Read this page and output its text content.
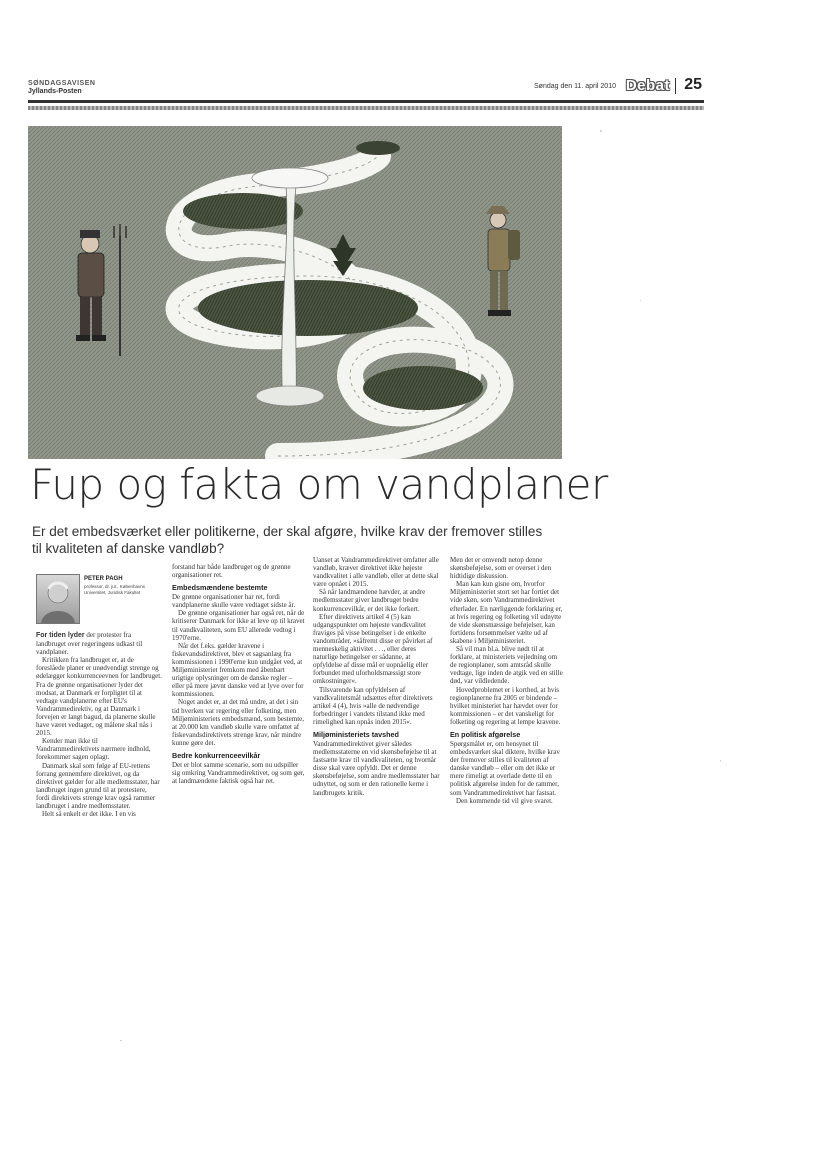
SØNDAGSAVISEN
Jyllands-Posten
Søndag den 11. april 2010 Debat 25
Fup og fakta om vandplaner
Er det embedsværket eller politikerne, der skal afgøre, hvilke krav der fremover stilles til kvaliteten af danske vandløb?
PETER PAGH
professor, dr. jur., Københavns Universitet, Juridisk Fakultet

For tiden lyder der protester fra landbruget over regeringens udkast til vandplaner.

Kritikken fra landbruget er, at de foreslåede planer er unødvendigt strenge og ødelægger konkurrenceevnen for landbruget. Fra de grønne organisationer lyder det modsat, at Danmark er forpligtet til at vedtage vandplanerne efter EU's Vandrammedirektiv, og at Danmark i forvejen er langt bagud, da planerne skulle have været vedtaget, og målene skal nås i 2015.

Kender man ikke til Vandrammedirektivets nærmere indhold, forekommer sagen oplagt.

Danmark skal som følge af EU-rettens forrang gennemføre direktivet, og da direktivet gælder for alle medlemsstater, har landbruget ingen grund til at protestere, fordi direktivets strenge krav også rammer landbruget i andre medlemsstater.

Helt så enkelt er det ikke. I en vis

forstand har både landbruget og de grønne organisationer ret.

Embedsmændene bestemte

De grønne organisationer har ret, fordi vandplanerne skulle være vedtaget sidste år.

De grønne organisationer har også ret, når de kritiserer Danmark for ikke at leve op til kravet til vandkvaliteten, som EU allerede vedtog i 1970'erne.

Når det f.eks. gælder kravene i fiskevandsdirektivet, blev et sagsanlæg fra kommissionen i 1990'erne kun undgået ved, at Miljøministeriet fremkom med åbenbart urigtige oplysninger om de danske regler – eller på mere jævnt danske ved at lyve over for kommissionen.

Noget andet er, at det må undre, at det i sin tid hverken var regering eller folketing, men Miljøministeriets embedsmænd, som bestemte, at 20.000 km vandløb skulle være omfattet af fiskevandsdirektivets strenge krav, når mindre kunne gøre det.

Bedre konkurrenceevilkår

Det er blot samme scenarie, som nu udspiller sig omkring Vandrammedirektivet, og som gør, at landmændene faktisk også har ret.

Uanset at Vandrammedirektivet omfatter alle vandløb, kræver direktivet ikke højeste vandkvalitet i alle vandløb, eller at dette skal være opnået i 2015.

Så når landmændene hævder, at andre medlemsstater giver landbruget bedre konkurrencevilkår, er det ikke forkert.

Efter direktivets artikel 4 (5) kan udgangspunktet om højeste vandkvalitet fraviges på visse betingelser i de enkelte vandområder, »såfremt disse er påvirket af menneskelig aktivitet . . ., eller deres naturlige betingelser er sådanne, at opfyldelse af disse mål er uopnåelig eller forbundet med uforholdsmæssigt store omkostninger«.

Tilsvarende kan opfyldelsen af vandkvalitetsmål udsættes efter direktivets artikel 4 (4), hvis »alle de nødvendige forbedringer i vandets tilstand ikke med rimelighed kan opnås inden 2015«.

Miljøministeriets tavshed

Vandrammedirektivet giver således medlemsstaterne en vid skønsbeføjelse til at fastsætte krav til vandkvaliteten, og hvornår disse skal være opfyldt. Det er denne skønsbeføjelse, som andre medlemsstater har udnyttet, og som er den rationelle kerne i landbrugets kritik.

Men det er omvendt netop denne skønsbeføjelse, som er overset i den hidtidige diskussion.

Man kan kun gisne om, hvorfor Miljøministeriet stort set har fortiet det vide skøn, som Vandrammedirektivet efterlader. En nærliggende forklaring er, at hvis regering og folketing vil udnytte de vide skønsmæssige beføjelser, kan fortidens forsømmelser vælte ud af skabene i Miljøministeriet.

Så vil man bl.a. blive nødt til at forklare, at ministeriets vejledning om de regionplaner, som amtsråd skulle vedtage, lige inden de atgik ved en stille død, var vildledende.

Hovedproblemet er i korthed, at hvis regionplanerne fra 2005 er bindende – hvilket ministeriet har hævdet over for kommissionen – er det vanskeligt for folketing og regering at lempe kravene.

En politisk afgørelse

Spørgsmålet er, om hensynet til embedsværket skal diktere, hvilke krav der fremover stilles til kvaliteten af danske vandløb – eller om det ikke er mere rimeligt at overlade dette til en politisk afgørelse inden for de rammer, som Vandrammedirektivet har fastsat.

Den kommende tid vil give svaret.
